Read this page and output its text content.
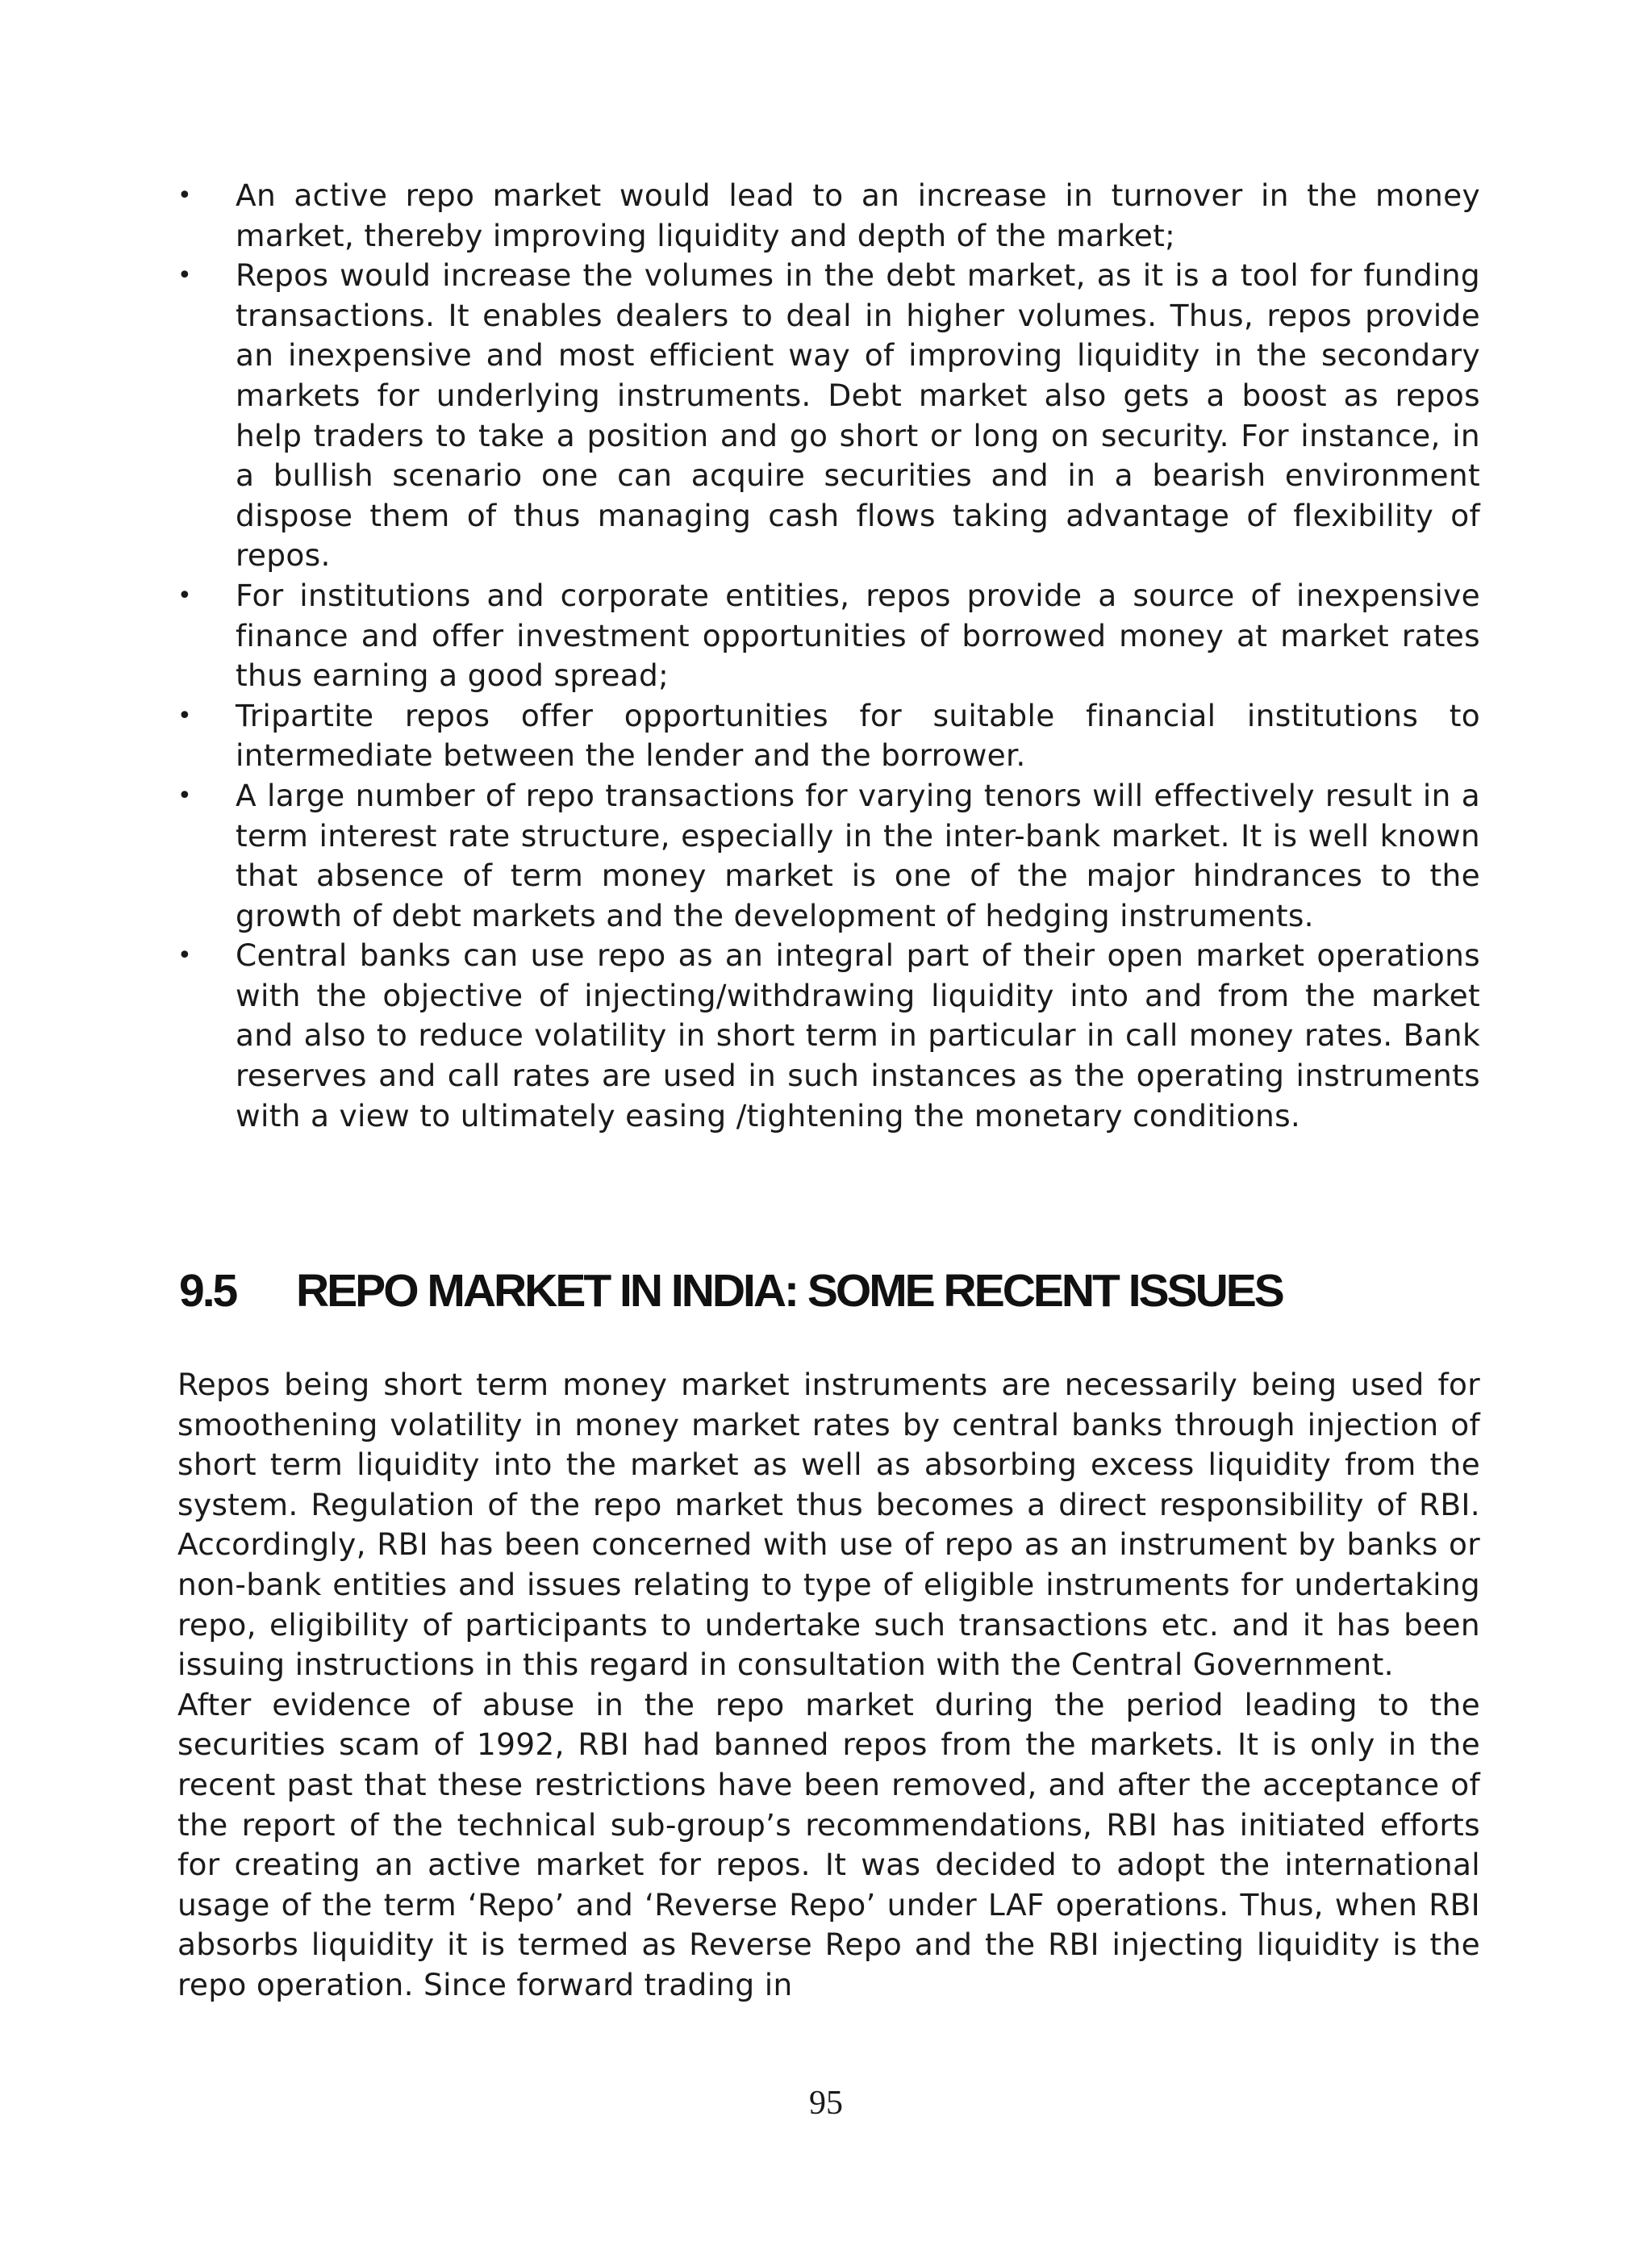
•	An active repo market would lead to an increase in turnover in the money market, thereby improving liquidity and depth of the market;
•	Repos would increase the volumes in the debt market, as it is a tool for funding transactions. It enables dealers to deal in higher volumes. Thus, repos provide an inexpensive and most efficient way of improving liquidity in the secondary markets for underlying instruments. Debt market also gets a boost as repos help traders to take a position and go short or long on security. For instance, in a bullish scenario one can acquire securities and in a bearish environment dispose them of thus managing cash flows taking advantage of flexibility of repos.
•	For institutions and corporate entities, repos provide a source of inexpensive finance and offer investment opportunities of borrowed money at market rates thus earning a good spread;
•	Tripartite repos offer opportunities for suitable financial institutions to intermediate between the lender and the borrower.
•	A large number of repo transactions for varying tenors will effectively result in a term interest rate structure, especially in the inter-bank market. It is well known that absence of term money market is one of the major hindrances to the growth of debt markets and the development of hedging instruments.
•	Central banks can use repo as an integral part of their open market operations with the objective of injecting/withdrawing liquidity into and from the market and also to reduce volatility in short term in particular in call money rates. Bank reserves and call rates are used in such instances as the operating instruments with a view to ultimately easing /tightening the monetary conditions.
9.5 REPO MARKET IN INDIA: SOME RECENT ISSUES

Repos being short term money market instruments are necessarily being used for smoothening volatility in money market rates by central banks through injection of short term liquidity into the market as well as absorbing excess liquidity from the system. Regulation of the repo market thus becomes a direct responsibility of RBI. Accordingly, RBI has been concerned with use of repo as an instrument by banks or non-bank entities and issues relating to type of eligible instruments for undertaking repo, eligibility of participants to undertake such transactions etc. and it has been issuing instructions in this regard in consultation with the Central Government.

After evidence of abuse in the repo market during the period leading to the securities scam of 1992, RBI had banned repos from the markets. It is only in the recent past that these restrictions have been removed, and after the acceptance of the report of the technical sub-group’s recommendations, RBI has initiated efforts for creating an active market for repos. It was decided to adopt the international usage of the term ‘Repo’ and ‘Reverse Repo’ under LAF operations. Thus, when RBI absorbs liquidity it is termed as Reverse Repo and the RBI injecting liquidity is the repo operation. Since forward trading in

95
